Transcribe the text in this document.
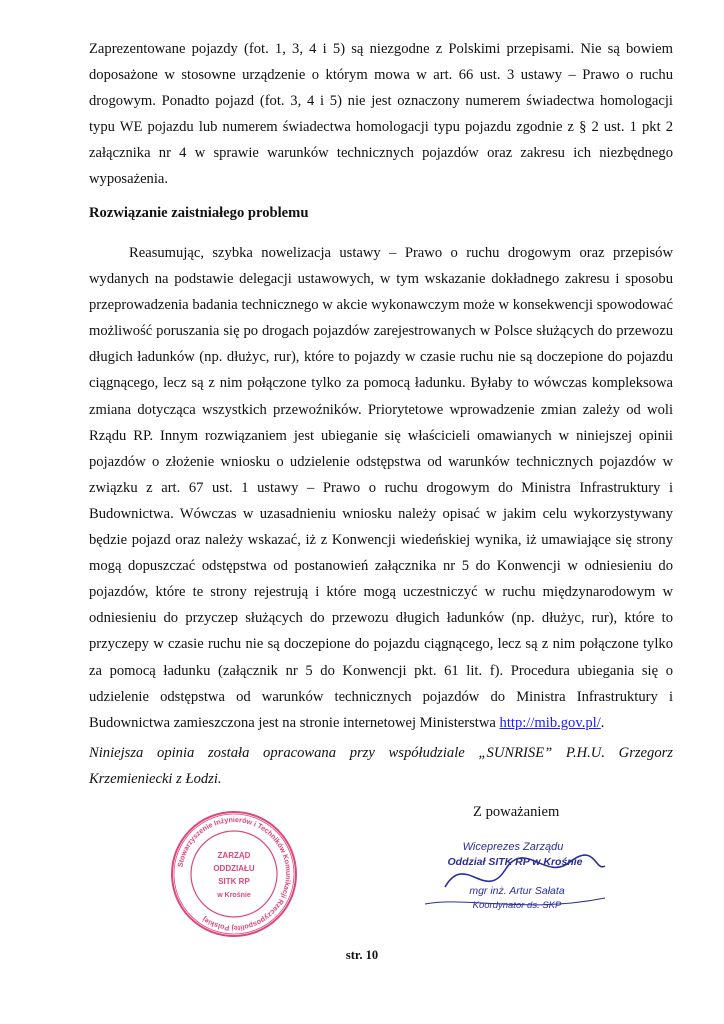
Zaprezentowane pojazdy (fot. 1, 3, 4 i 5) są niezgodne z Polskimi przepisami. Nie są bowiem doposażone w stosowne urządzenie o którym mowa w art. 66 ust. 3 ustawy – Prawo o ruchu drogowym. Ponadto pojazd (fot. 3, 4 i 5) nie jest oznaczony numerem świadectwa homologacji typu WE pojazdu lub numerem świadectwa homologacji typu pojazdu zgodnie z § 2 ust. 1 pkt 2 załącznika nr 4 w sprawie warunków technicznych pojazdów oraz zakresu ich niezbędnego wyposażenia.

Rozwiązanie zaistniałego problemu

Reasumując, szybka nowelizacja ustawy – Prawo o ruchu drogowym oraz przepisów wydanych na podstawie delegacji ustawowych, w tym wskazanie dokładnego zakresu i sposobu przeprowadzenia badania technicznego w akcie wykonawczym może w konsekwencji spowodować możliwość poruszania się po drogach pojazdów zarejestrowanych w Polsce służących do przewozu długich ładunków (np. dłużyc, rur), które to pojazdy w czasie ruchu nie są doczepione do pojazdu ciągnącego, lecz są z nim połączone tylko za pomocą ładunku. Byłaby to wówczas kompleksowa zmiana dotycząca wszystkich przewoźników. Priorytetowe wprowadzenie zmian zależy od woli Rządu RP. Innym rozwiązaniem jest ubieganie się właścicieli omawianych w niniejszej opinii pojazdów o złożenie wniosku o udzielenie odstępstwa od warunków technicznych pojazdów w związku z art. 67 ust. 1 ustawy – Prawo o ruchu drogowym do Ministra Infrastruktury i Budownictwa. Wówczas w uzasadnieniu wniosku należy opisać w jakim celu wykorzystywany będzie pojazd oraz należy wskazać, iż z Konwencji wiedeńskiej wynika, iż umawiające się strony mogą dopuszczać odstępstwa od postanowień załącznika nr 5 do Konwencji w odniesieniu do pojazdów, które te strony rejestrują i które mogą uczestniczyć w ruchu międzynarodowym w odniesieniu do przyczep służących do przewozu długich ładunków (np. dłużyc, rur), które to przyczepy w czasie ruchu nie są doczepione do pojazdu ciągnącego, lecz są z nim połączone tylko za pomocą ładunku (załącznik nr 5 do Konwencji pkt. 61 lit. f). Procedura ubiegania się o udzielenie odstępstwa od warunków technicznych pojazdów do Ministra Infrastruktury i Budownictwa zamieszczona jest na stronie internetowej Ministerstwa http://mib.gov.pl/.

Niniejsza opinia została opracowana przy współudziale „SUNRISE” P.H.U. Grzegorz Krzemieniecki z Łodzi.

Z poważaniem

Stowarzyszenie Inżynierów i Techników Komunikacji Rzeczypospolitej Polskiej
ZARZĄD
ODDZIAŁU
SITK RP
w Krośnie
Wiceprezes Zarządu
Oddział SITK RP w Krośnie
mgr inż. Artur Sałata
Koordynator ds. SKP

str. 10
